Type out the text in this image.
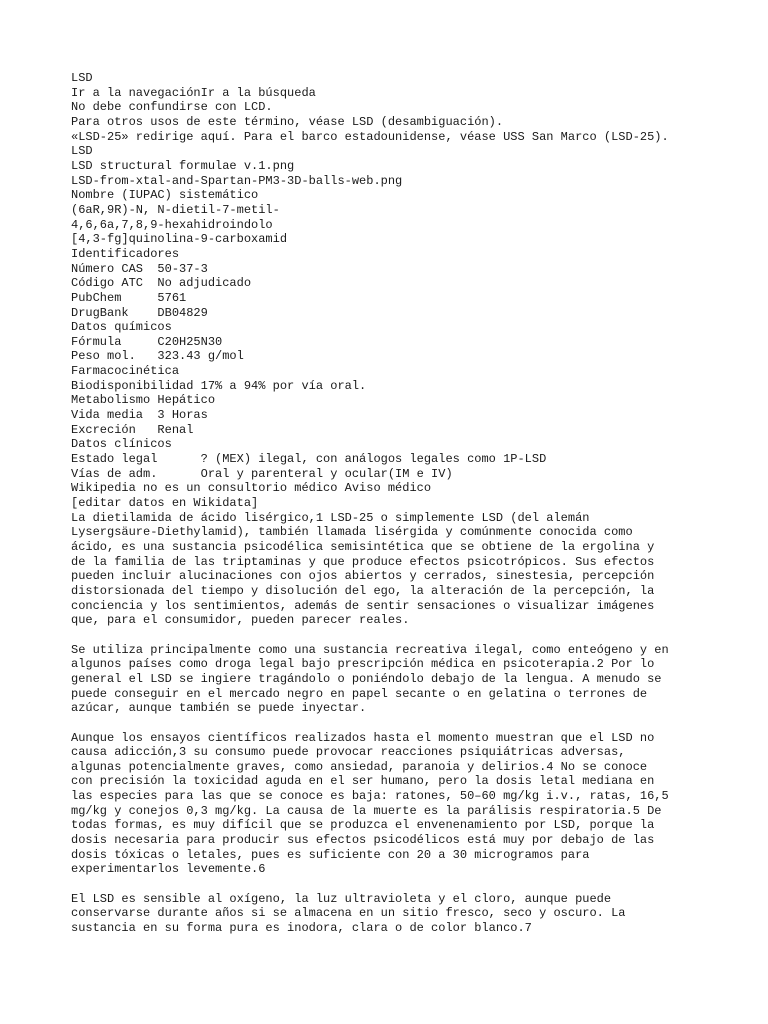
LSD
Ir a la navegaciónIr a la búsqueda
No debe confundirse con LCD.
Para otros usos de este término, véase LSD (desambiguación).
«LSD-25» redirige aquí. Para el barco estadounidense, véase USS San Marco (LSD-25).
LSD
LSD structural formulae v.1.png
LSD-from-xtal-and-Spartan-PM3-3D-balls-web.png
Nombre (IUPAC) sistemático
(6aR,9R)-N, N-dietil-7-metil-
4,6,6a,7,8,9-hexahidroindolo
[4,3-fg]quinolina-9-carboxamid
Identificadores
Número CAS  50-37-3
Código ATC  No adjudicado
PubChem     5761
DrugBank    DB04829
Datos químicos
Fórmula     C20H25N30
Peso mol.   323.43 g/mol
Farmacocinética
Biodisponibilidad 17% a 94% por vía oral.
Metabolismo Hepático
Vida media  3 Horas
Excreción   Renal
Datos clínicos
Estado legal      ? (MEX) ilegal, con análogos legales como 1P-LSD
Vías de adm.      Oral y parenteral y ocular(IM e IV)
Wikipedia no es un consultorio médico Aviso médico
[editar datos en Wikidata]

La dietilamida de ácido lisérgico,1 LSD-25 o simplemente LSD (del alemán
Lysergsäure-Diethylamid), también llamada lisérgida y comúnmente conocida como
ácido, es una sustancia psicodélica semisintética que se obtiene de la ergolina y
de la familia de las triptaminas y que produce efectos psicotrópicos. Sus efectos
pueden incluir alucinaciones con ojos abiertos y cerrados, sinestesia, percepción
distorsionada del tiempo y disolución del ego, la alteración de la percepción, la
conciencia y los sentimientos, además de sentir sensaciones o visualizar imágenes
que, para el consumidor, pueden parecer reales.

Se utiliza principalmente como una sustancia recreativa ilegal, como enteógeno y en
algunos países como droga legal bajo prescripción médica en psicoterapia.2 Por lo
general el LSD se ingiere tragándolo o poniéndolo debajo de la lengua. A menudo se
puede conseguir en el mercado negro en papel secante o en gelatina o terrones de
azúcar, aunque también se puede inyectar.

Aunque los ensayos científicos realizados hasta el momento muestran que el LSD no
causa adicción,3 su consumo puede provocar reacciones psiquiátricas adversas,
algunas potencialmente graves, como ansiedad, paranoia y delirios.4 No se conoce
con precisión la toxicidad aguda en el ser humano, pero la dosis letal mediana en
las especies para las que se conoce es baja: ratones, 50–60 mg/kg i.v., ratas, 16,5
mg/kg y conejos 0,3 mg/kg. La causa de la muerte es la parálisis respiratoria.5 De
todas formas, es muy difícil que se produzca el envenenamiento por LSD, porque la
dosis necesaria para producir sus efectos psicodélicos está muy por debajo de las
dosis tóxicas o letales, pues es suficiente con 20 a 30 microgramos para
experimentarlos levemente.6

El LSD es sensible al oxígeno, la luz ultravioleta y el cloro, aunque puede
conservarse durante años si se almacena en un sitio fresco, seco y oscuro. La
sustancia en su forma pura es inodora, clara o de color blanco.7
